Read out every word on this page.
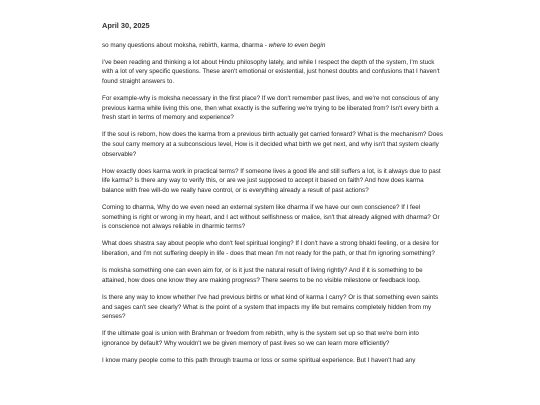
April 30, 2025
so many questions about moksha, rebirth, karma, dharma - where to even begin

I've been reading and thinking a lot about Hindu philosophy lately, and while I respect the depth of the system, I'm stuck with a lot of very specific questions. These aren't emotional or existential, just honest doubts and confusions that I haven't found straight answers to.

For example-why is moksha necessary in the first place? If we don't remember past lives, and we're not conscious of any previous karma while living this one, then what exactly is the suffering we're trying to be liberated from? Isn't every birth a fresh start in terms of memory and experience?

If the soul is reborn, how does the karma from a previous birth actually get carried forward? What is the mechanism? Does the soul carry memory at a subconscious level, How is it decided what birth we get next, and why isn't that system clearly observable?

How exactly does karma work in practical terms? If someone lives a good life and still suffers a lot, is it always due to past life karma? Is there any way to verify this, or are we just supposed to accept it based on faith? And how does karma balance with free will-do we really have control, or is everything already a result of past actions?

Coming to dharma, Why do we even need an external system like dharma if we have our own conscience? If I feel something is right or wrong in my heart, and I act without selfishness or malice, isn't that already aligned with dharma? Or is conscience not always reliable in dharmic terms?

What does shastra say about people who don't feel spiritual longing? If I don't have a strong bhakti feeling, or a desire for liberation, and I'm not suffering deeply in life - does that mean I'm not ready for the path, or that I'm ignoring something?

Is moksha something one can even aim for, or is it just the natural result of living rightly? And if it is something to be attained, how does one know they are making progress? There seems to be no visible milestone or feedback loop.

Is there any way to know whether I've had previous births or what kind of karma I carry? Or is that something even saints and sages can't see clearly? What is the point of a system that impacts my life but remains completely hidden from my senses?

If the ultimate goal is union with Brahman or freedom from rebirth, why is the system set up so that we're born into ignorance by default? Why wouldn't we be given memory of past lives so we can learn more efficiently?

I know many people come to this path through trauma or loss or some spiritual experience. But I haven't had any
